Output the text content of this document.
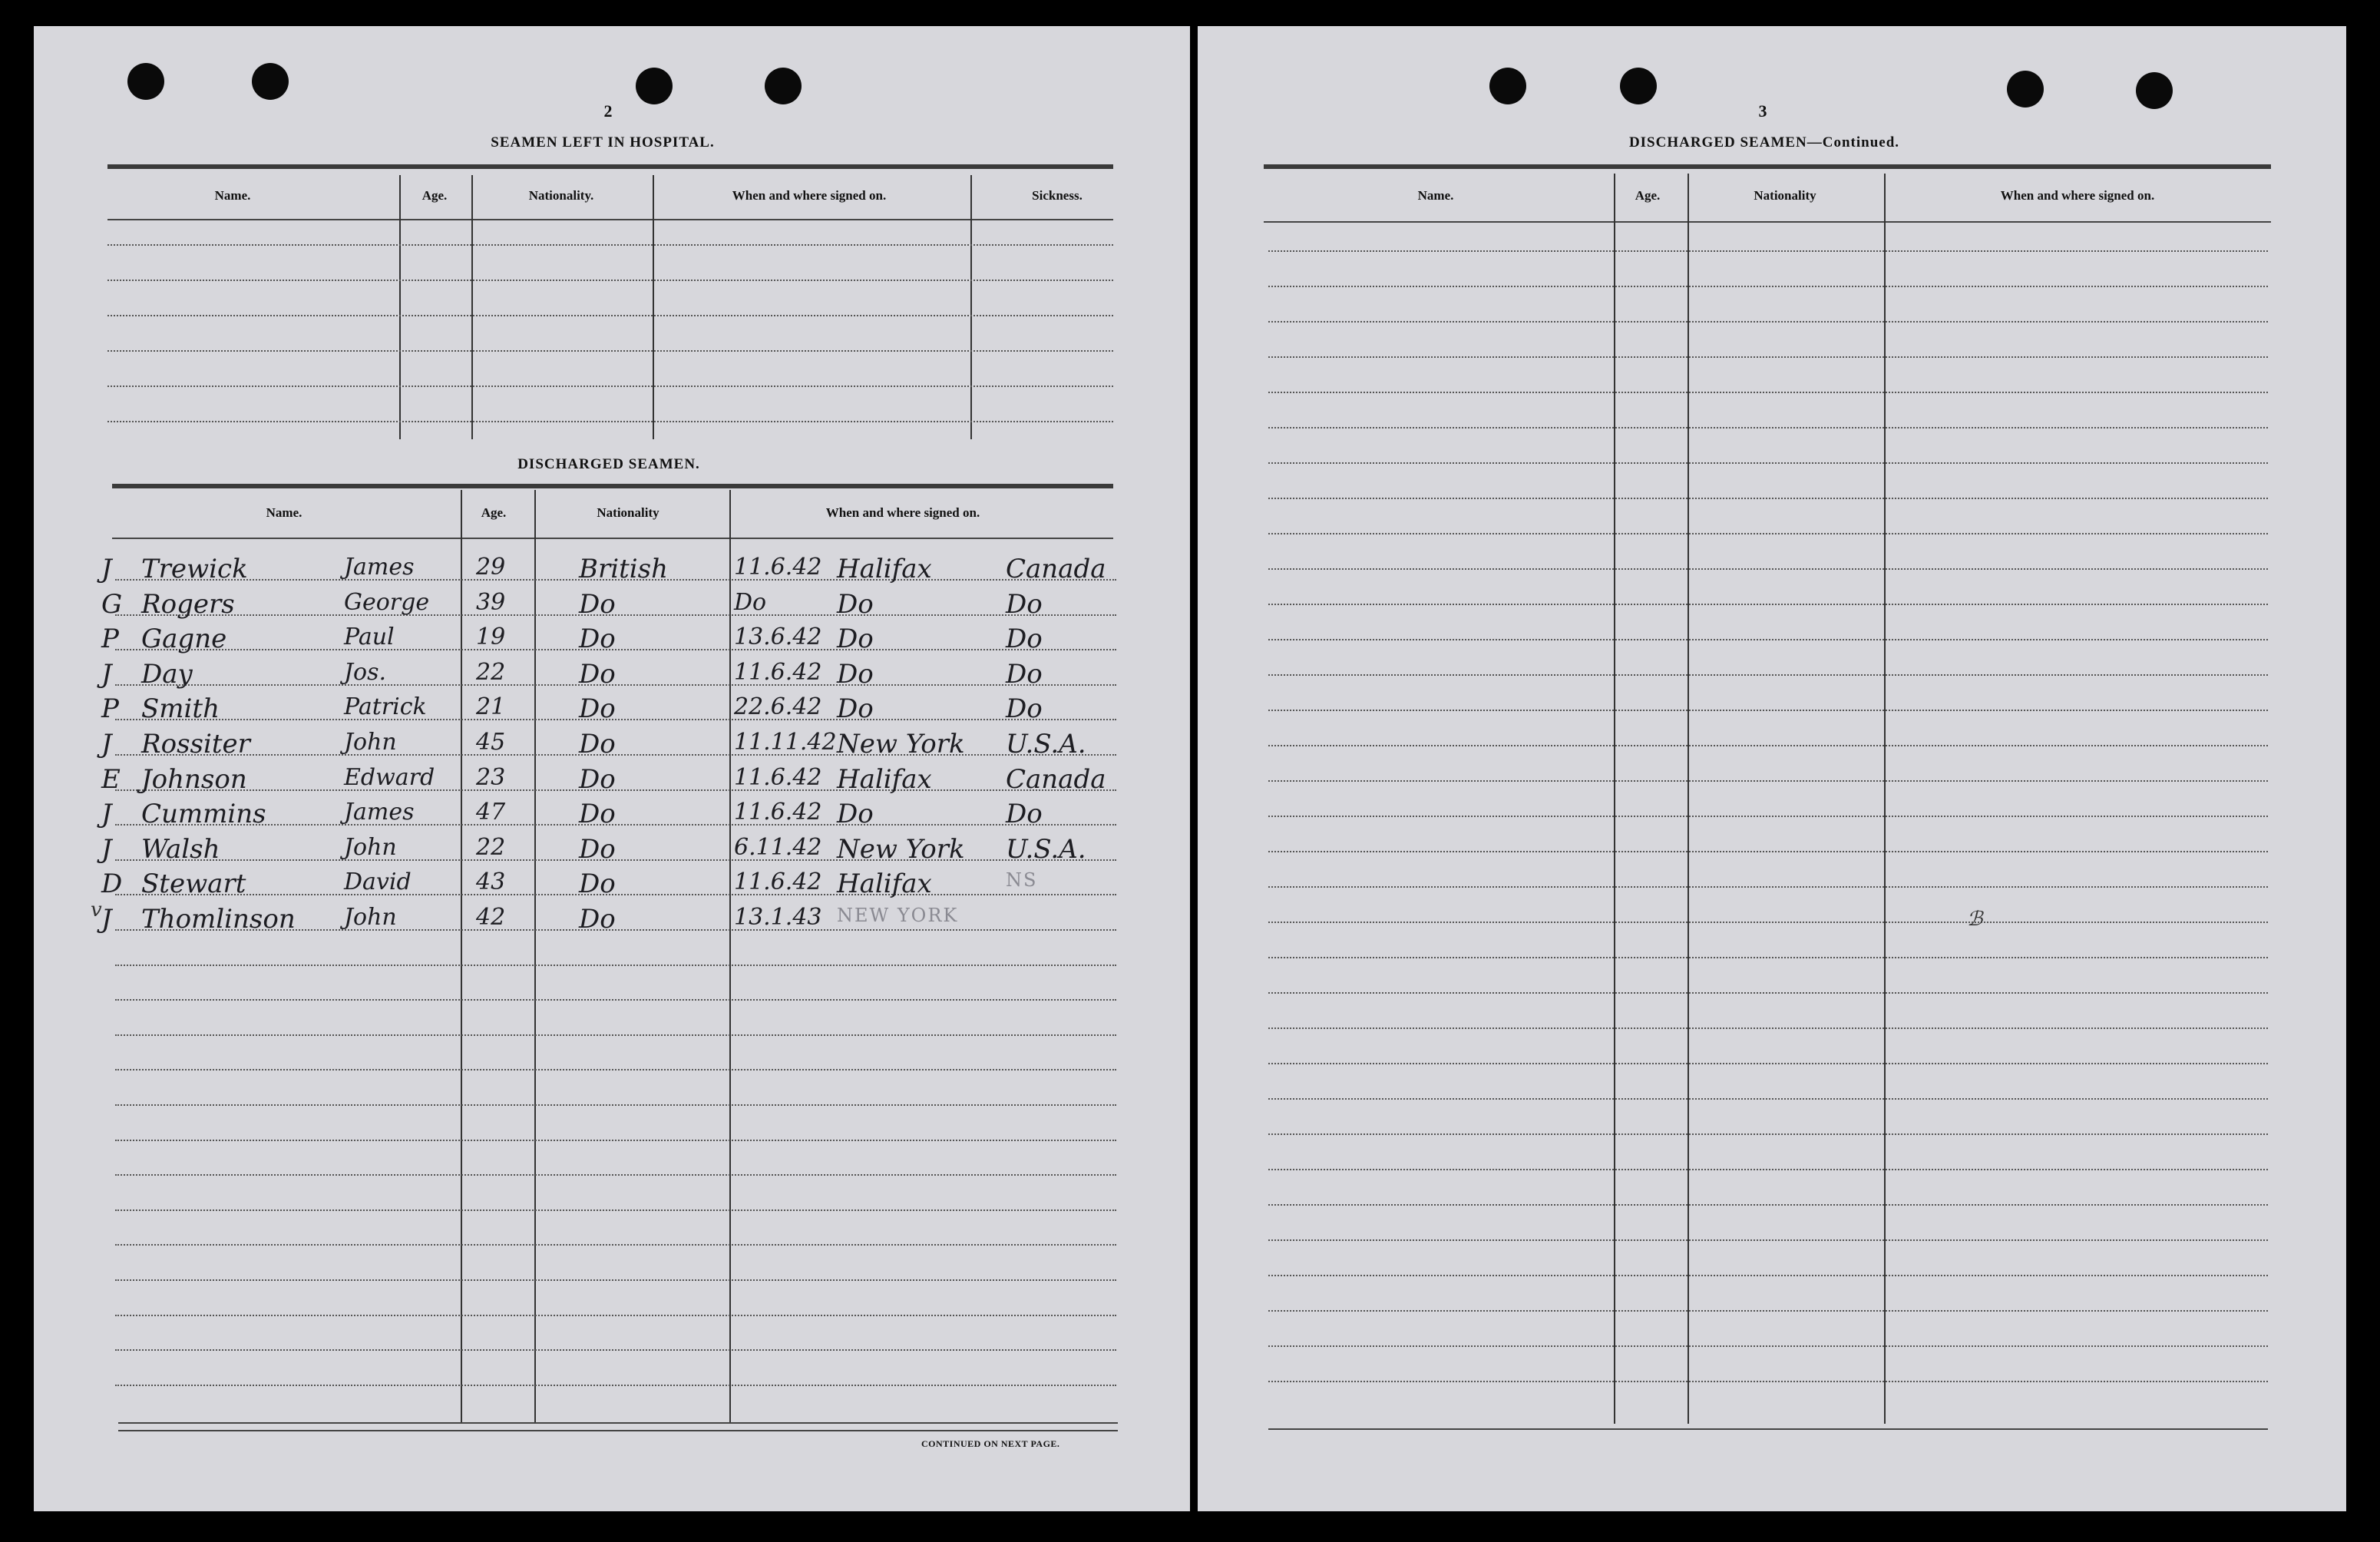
2
SEAMEN LEFT IN HOSPITAL.
Name.	Age.	Nationality.	When and where signed on.	Sickness.
DISCHARGED SEAMEN.
Name.	Age.	Nationality	When and where signed on.
J Trewick	James	29	British	11.6.42 Halifax	Canada
G Rogers	George 39	Do	Do	Do	Do
P Gagne	Paul	19	Do	13.6.42 Do	Do
J Day	Jos.	22	Do	11.6.42 Do	Do
P Smith	Patrick 21	Do	22.6.42 Do	Do
J Rossiter	John	45	Do	11.11.42 New York U.S.A.
E Johnson	Edward 23	Do	11.6.42 Halifax	Canada
J Cummins	James	47	Do	11.6.42 Do	Do
J Walsh	John	22	Do	6.11.42 New York U.S.A.
D Stewart	David	43	Do	11.6.42 Halifax	NS
J Thomlinson John	42	Do	13.1.43 NEW YORK
v
CONTINUED ON NEXT PAGE.
3
DISCHARGED SEAMEN—Continued.
Name.	Age.	Nationality	When and where signed on.
ℬ
